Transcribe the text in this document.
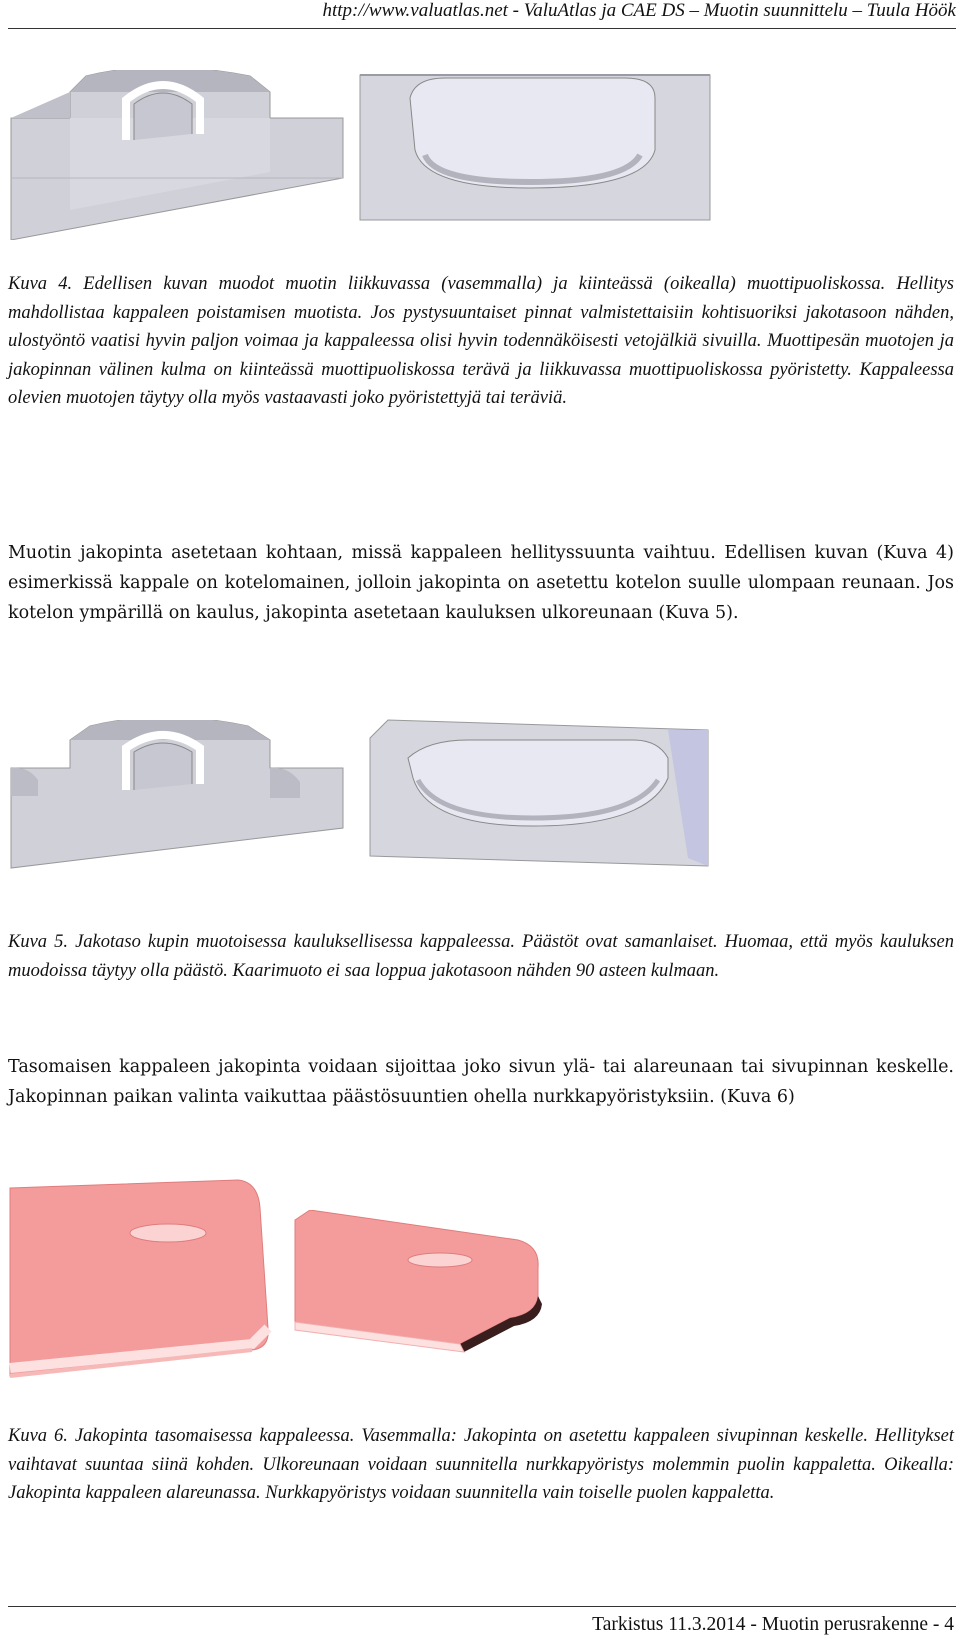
http://www.valuatlas.net - ValuAtlas ja CAE DS – Muotin suunnittelu – Tuula Höök

Kuva 4. Edellisen kuvan muodot muotin liikkuvassa (vasemmalla) ja kiinteässä (oikealla) muottipuoliskossa. Hellitys mahdollistaa kappaleen poistamisen muotista. Jos pystysuuntaiset pinnat valmistettaisiin kohtisuoriksi jakotasoon nähden, ulostyöntö vaatisi hyvin paljon voimaa ja kappaleessa olisi hyvin todennäköisesti vetojälkiä sivuilla. Muottipesän muotojen ja jakopinnan välinen kulma on kiinteässä muottipuoliskossa terävä ja liikkuvassa muottipuoliskossa pyöristetty. Kappaleessa olevien muotojen täytyy olla myös vastaavasti joko pyöristettyjä tai teräviä.

Muotin jakopinta asetetaan kohtaan, missä kappaleen hellityssuunta vaihtuu. Edellisen kuvan (Kuva 4) esimerkissä kappale on kotelomainen, jolloin jakopinta on asetettu kotelon suulle ulompaan reunaan. Jos kotelon ympärillä on kaulus, jakopinta asetetaan kauluksen ulkoreunaan (Kuva 5).

Kuva 5. Jakotaso kupin muotoisessa kauluksellisessa kappaleessa. Päästöt ovat samanlaiset. Huomaa, että myös kauluksen muodoissa täytyy olla päästö. Kaarimuoto ei saa loppua jakotasoon nähden 90 asteen kulmaan.

Tasomaisen kappaleen jakopinta voidaan sijoittaa joko sivun ylä- tai alareunaan tai sivupinnan keskelle. Jakopinnan paikan valinta vaikuttaa päästösuuntien ohella nurkkapyöristyksiin. (Kuva 6)

Kuva 6. Jakopinta tasomaisessa kappaleessa. Vasemmalla: Jakopinta on asetettu kappaleen sivupinnan keskelle. Hellitykset vaihtavat suuntaa siinä kohden. Ulkoreunaan voidaan suunnitella nurkkapyöristys molemmin puolin kappaletta. Oikealla: Jakopinta kappaleen alareunassa. Nurkkapyöristys voidaan suunnitella vain toiselle puolen kappaletta.

Tarkistus 11.3.2014 - Muotin perusrakenne - 4
